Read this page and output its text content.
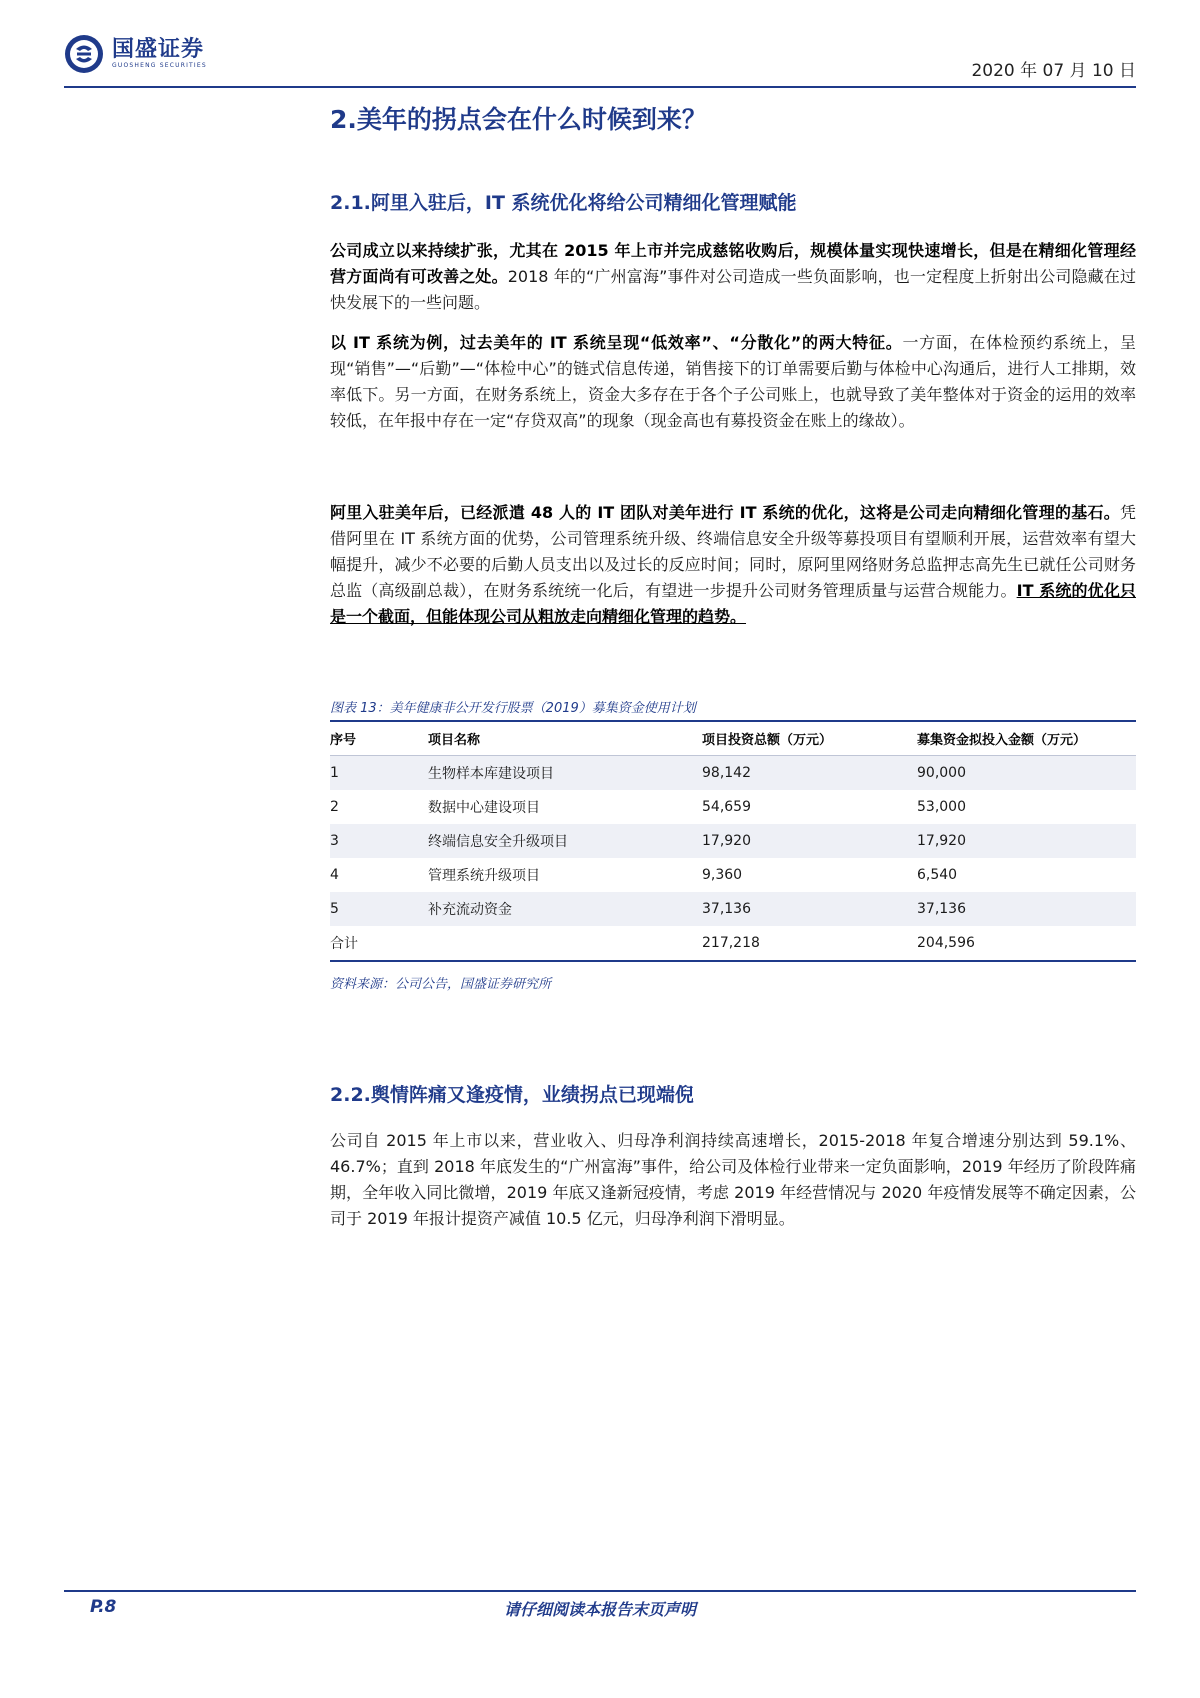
国盛证券
GUOSHENG SECURITIES	2020 年 07 月 10 日
2.美年的拐点会在什么时候到来？
2.1.阿里入驻后，IT 系统优化将给公司精细化管理赋能
公司成立以来持续扩张，尤其在 2015 年上市并完成慈铭收购后，规模体量实现快速增长，但是在精细化管理经营方面尚有可改善之处。2018 年的“广州富海”事件对公司造成一些负面影响，也一定程度上折射出公司隐藏在过快发展下的一些问题。
以 IT 系统为例，过去美年的 IT 系统呈现“低效率”、“分散化”的两大特征。一方面，在体检预约系统上，呈现“销售”—“后勤”—“体检中心”的链式信息传递，销售接下的订单需要后勤与体检中心沟通后，进行人工排期，效率低下。另一方面，在财务系统上，资金大多存在于各个子公司账上，也就导致了美年整体对于资金的运用的效率较低，在年报中存在一定“存贷双高”的现象（现金高也有募投资金在账上的缘故）。
阿里入驻美年后，已经派遣 48 人的 IT 团队对美年进行 IT 系统的优化，这将是公司走向精细化管理的基石。凭借阿里在 IT 系统方面的优势，公司管理系统升级、终端信息安全升级等募投项目有望顺利开展，运营效率有望大幅提升，减少不必要的后勤人员支出以及过长的反应时间；同时，原阿里网络财务总监押志高先生已就任公司财务总监（高级副总裁），在财务系统统一化后，有望进一步提升公司财务管理质量与运营合规能力。IT 系统的优化只是一个截面，但能体现公司从粗放走向精细化管理的趋势。
图表 13：美年健康非公开发行股票（2019）募集资金使用计划
序号	项目名称	项目投资总额（万元）	募集资金拟投入金额（万元）
1	生物样本库建设项目	98,142	90,000
2	数据中心建设项目	54,659	53,000
3	终端信息安全升级项目	17,920	17,920
4	管理系统升级项目	9,360	6,540
5	补充流动资金	37,136	37,136
合计		217,218	204,596
资料来源：公司公告，国盛证券研究所
2.2.舆情阵痛又逢疫情，业绩拐点已现端倪
公司自 2015 年上市以来，营业收入、归母净利润持续高速增长，2015-2018 年复合增速分别达到 59.1%、46.7%；直到 2018 年底发生的“广州富海”事件，给公司及体检行业带来一定负面影响，2019 年经历了阶段阵痛期，全年收入同比微增，2019 年底又逢新冠疫情，考虑 2019 年经营情况与 2020 年疫情发展等不确定因素，公司于 2019 年报计提资产减值 10.5 亿元，归母净利润下滑明显。
P.8	请仔细阅读本报告末页声明
